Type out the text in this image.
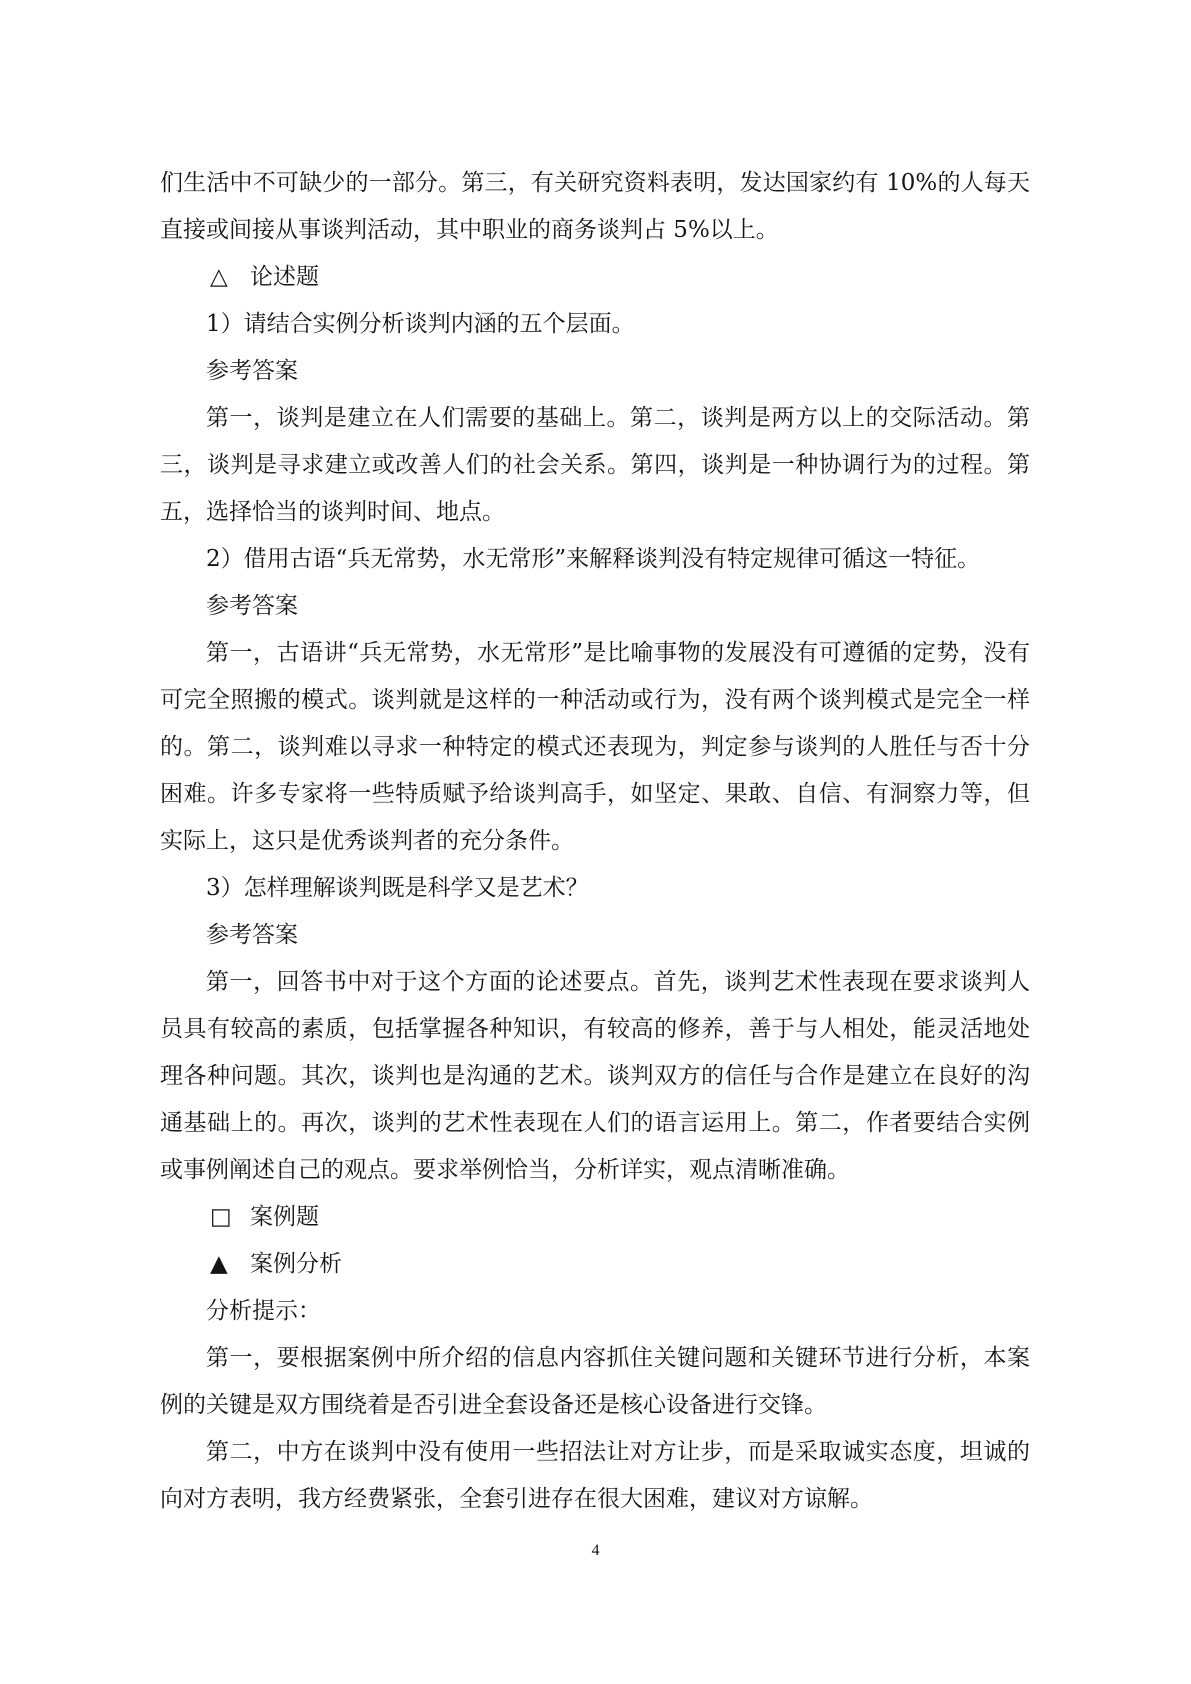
们生活中不可缺少的一部分。第三，有关研究资料表明，发达国家约有 10%的人每天直接或间接从事谈判活动，其中职业的商务谈判占 5%以上。

△ 论述题

1）请结合实例分析谈判内涵的五个层面。

参考答案

第一，谈判是建立在人们需要的基础上。第二，谈判是两方以上的交际活动。第三，谈判是寻求建立或改善人们的社会关系。第四，谈判是一种协调行为的过程。第五，选择恰当的谈判时间、地点。

2）借用古语“兵无常势，水无常形”来解释谈判没有特定规律可循这一特征。

参考答案

第一，古语讲“兵无常势，水无常形”是比喻事物的发展没有可遵循的定势，没有可完全照搬的模式。谈判就是这样的一种活动或行为，没有两个谈判模式是完全一样的。第二，谈判难以寻求一种特定的模式还表现为，判定参与谈判的人胜任与否十分困难。许多专家将一些特质赋予给谈判高手，如坚定、果敢、自信、有洞察力等，但实际上，这只是优秀谈判者的充分条件。

3）怎样理解谈判既是科学又是艺术？

参考答案

第一，回答书中对于这个方面的论述要点。首先，谈判艺术性表现在要求谈判人员具有较高的素质，包括掌握各种知识，有较高的修养，善于与人相处，能灵活地处理各种问题。其次，谈判也是沟通的艺术。谈判双方的信任与合作是建立在良好的沟通基础上的。再次，谈判的艺术性表现在人们的语言运用上。第二，作者要结合实例或事例阐述自己的观点。要求举例恰当，分析详实，观点清晰准确。

□ 案例题

▲ 案例分析

分析提示：

第一，要根据案例中所介绍的信息内容抓住关键问题和关键环节进行分析，本案例的关键是双方围绕着是否引进全套设备还是核心设备进行交锋。

第二，中方在谈判中没有使用一些招法让对方让步，而是采取诚实态度，坦诚的向对方表明，我方经费紧张，全套引进存在很大困难，建议对方谅解。

4
